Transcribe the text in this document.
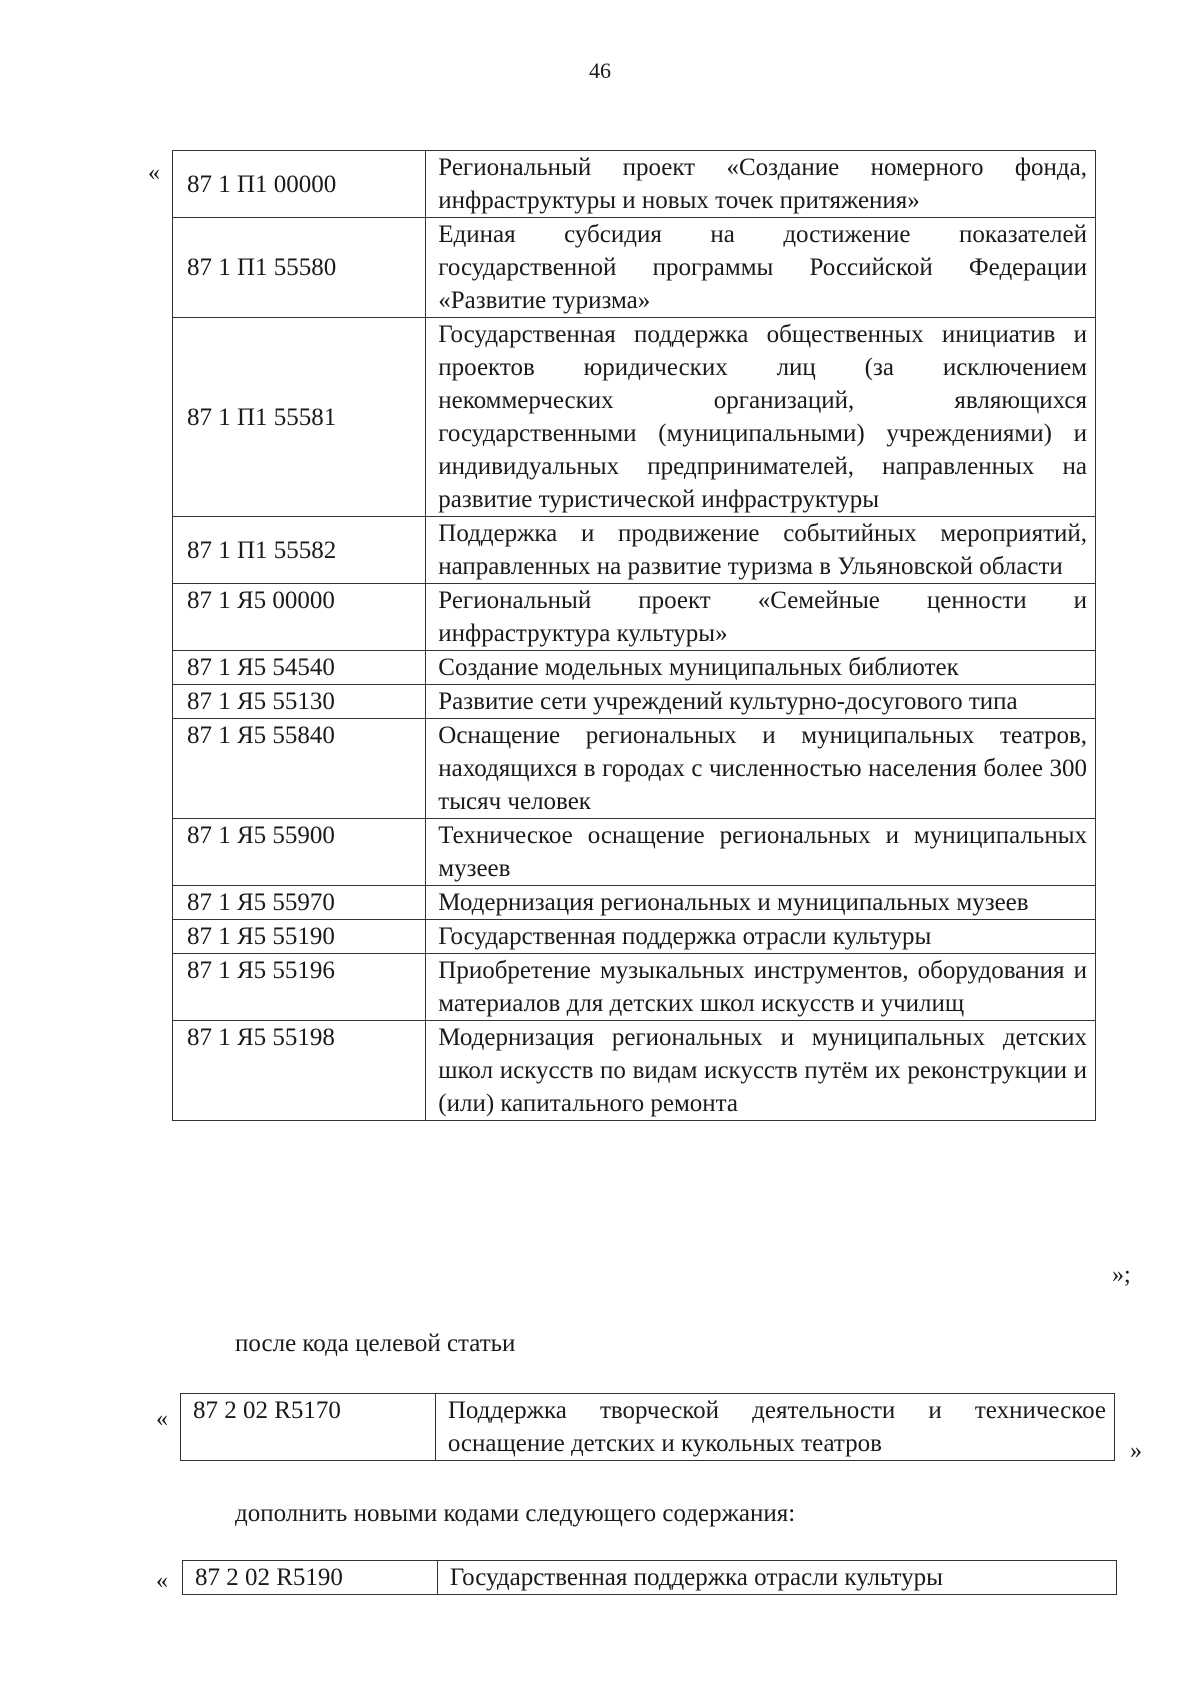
46
« 87 1 П1 00000	Региональный проект «Создание номерного фонда, инфраструктуры и новых точек притяжения»
87 1 П1 55580	Единая субсидия на достижение показателей государственной программы Российской Федерации «Развитие туризма»
87 1 П1 55581	Государственная поддержка общественных инициатив и проектов юридических лиц (за исключением некоммерческих организаций, являющихся государственными (муниципальными) учреждениями) и индивидуальных предпринимателей, направленных на развитие туристической инфраструктуры
87 1 П1 55582	Поддержка и продвижение событийных мероприятий, направленных на развитие туризма в Ульяновской области
87 1 Я5 00000	Региональный проект «Семейные ценности и инфраструктура культуры»
87 1 Я5 54540	Создание модельных муниципальных библиотек
87 1 Я5 55130	Развитие сети учреждений культурно-досугового типа
87 1 Я5 55840	Оснащение региональных и муниципальных театров, находящихся в городах с численностью населения более 300 тысяч человек
87 1 Я5 55900	Техническое оснащение региональных и муниципальных музеев
87 1 Я5 55970	Модернизация региональных и муниципальных музеев
87 1 Я5 55190	Государственная поддержка отрасли культуры
87 1 Я5 55196	Приобретение музыкальных инструментов, оборудования и материалов для детских школ искусств и училищ
87 1 Я5 55198	Модернизация региональных и муниципальных детских школ искусств по видам искусств путём их реконструкции и (или) капитального ремонта
»;
после кода целевой статьи
« 87 2 02 R5170	Поддержка творческой деятельности и техническое оснащение детских и кукольных театров	»
дополнить новыми кодами следующего содержания:
« 87 2 02 R5190	Государственная поддержка отрасли культуры
